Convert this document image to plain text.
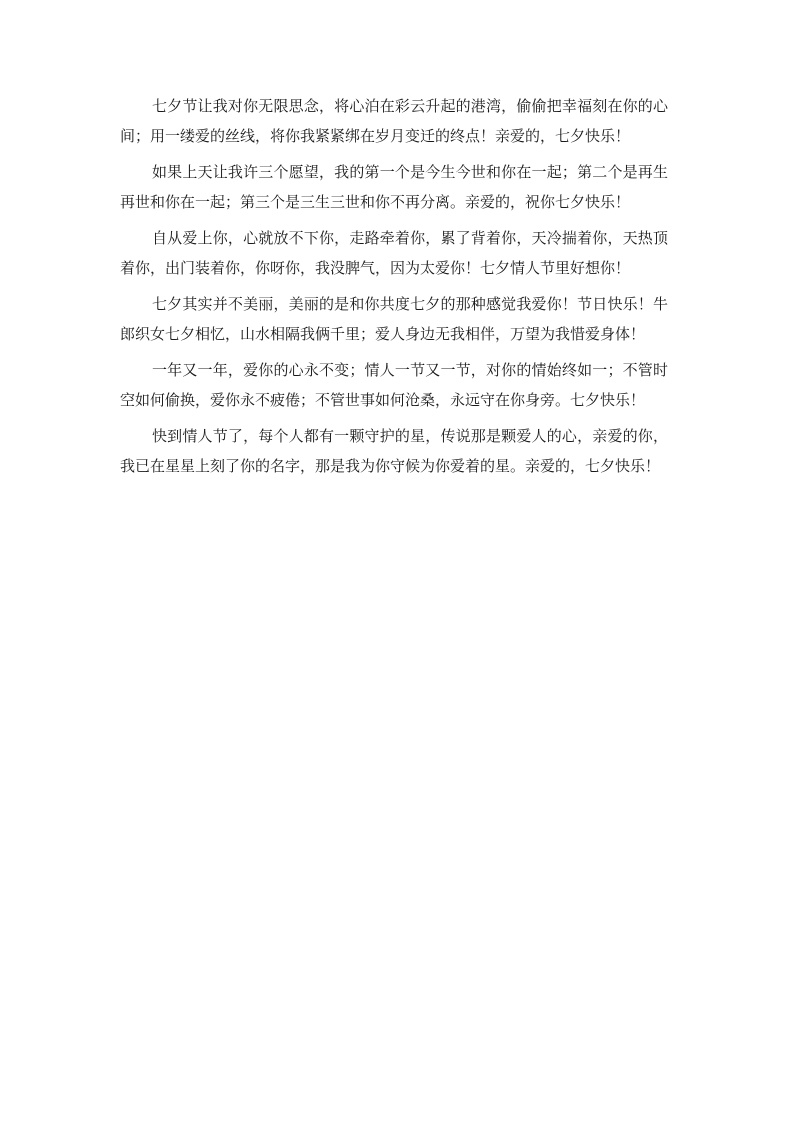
七夕节让我对你无限思念，将心泊在彩云升起的港湾，偷偷把幸福刻在你的心间；用一缕爱的丝线，将你我紧紧绑在岁月变迁的终点！亲爱的，七夕快乐！

如果上天让我许三个愿望，我的第一个是今生今世和你在一起；第二个是再生再世和你在一起；第三个是三生三世和你不再分离。亲爱的，祝你七夕快乐！

自从爱上你，心就放不下你，走路牵着你，累了背着你，天冷揣着你，天热顶着你，出门装着你，你呀你，我没脾气，因为太爱你！七夕情人节里好想你！

七夕其实并不美丽，美丽的是和你共度七夕的那种感觉我爱你！节日快乐！牛郎织女七夕相忆，山水相隔我俩千里；爱人身边无我相伴，万望为我惜爱身体！

一年又一年，爱你的心永不变；情人一节又一节，对你的情始终如一；不管时空如何偷换，爱你永不疲倦；不管世事如何沧桑，永远守在你身旁。七夕快乐！

快到情人节了，每个人都有一颗守护的星，传说那是颗爱人的心，亲爱的你，我已在星星上刻了你的名字，那是我为你守候为你爱着的星。亲爱的，七夕快乐！
